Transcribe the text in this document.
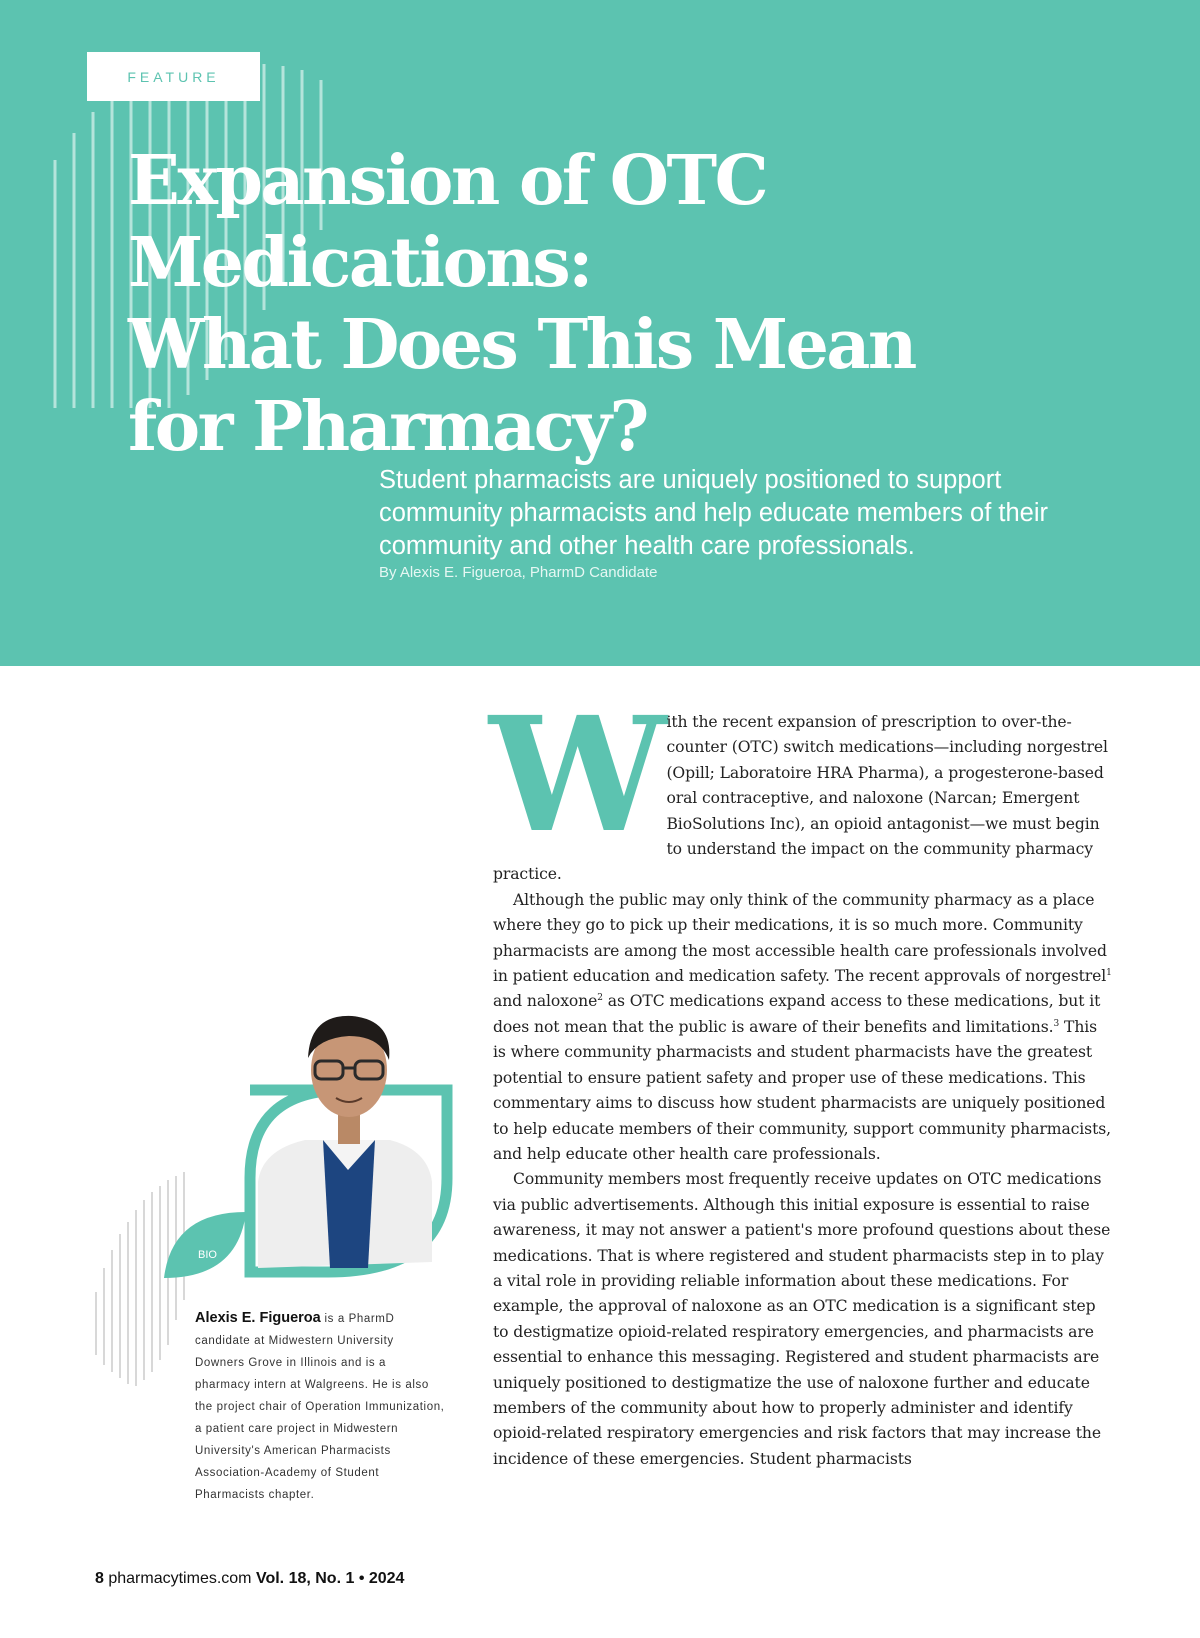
FEATURE
Expansion of OTC Medications:
What Does This Mean
for Pharmacy?

Student pharmacists are uniquely positioned to support community pharmacists and help educate members of their community and other health care professionals.

By Alexis E. Figueroa, PharmD Candidate
BIO

Alexis E. Figueroa is a PharmD candidate at Midwestern University Downers Grove in Illinois and is a pharmacy intern at Walgreens. He is also the project chair of Operation Immunization, a patient care project in Midwestern University's American Pharmacists Association-Academy of Student Pharmacists chapter.

With the recent expansion of prescription to over-the-counter (OTC) switch medications—including norgestrel (Opill; Laboratoire HRA Pharma), a progesterone-based oral contraceptive, and naloxone (Narcan; Emergent BioSolutions Inc), an opioid antagonist—we must begin to understand the impact on the community pharmacy practice.

Although the public may only think of the community pharmacy as a place where they go to pick up their medications, it is so much more. Community pharmacists are among the most accessible health care professionals involved in patient education and medication safety. The recent approvals of norgestrel$^1$ and naloxone$^2$ as OTC medications expand access to these medications, but it does not mean that the public is aware of their benefits and limitations.$^3$ This is where community pharmacists and student pharmacists have the greatest potential to ensure patient safety and proper use of these medications. This commentary aims to discuss how student pharmacists are uniquely positioned to help educate members of their community, support community pharmacists, and help educate other health care professionals.

Community members most frequently receive updates on OTC medications via public advertisements. Although this initial exposure is essential to raise awareness, it may not answer a patient's more profound questions about these medications. That is where registered and student pharmacists step in to play a vital role in providing reliable information about these medications. For example, the approval of naloxone as an OTC medication is a significant step to destigmatize opioid-related respiratory emergencies, and pharmacists are essential to enhance this messaging. Registered and student pharmacists are uniquely positioned to destigmatize the use of naloxone further and educate members of the community about how to properly administer and identify opioid-related respiratory emergencies and risk factors that may increase the incidence of these emergencies. Student pharmacists

8 pharmacytimes.com Vol. 18, No. 1 • 2024
